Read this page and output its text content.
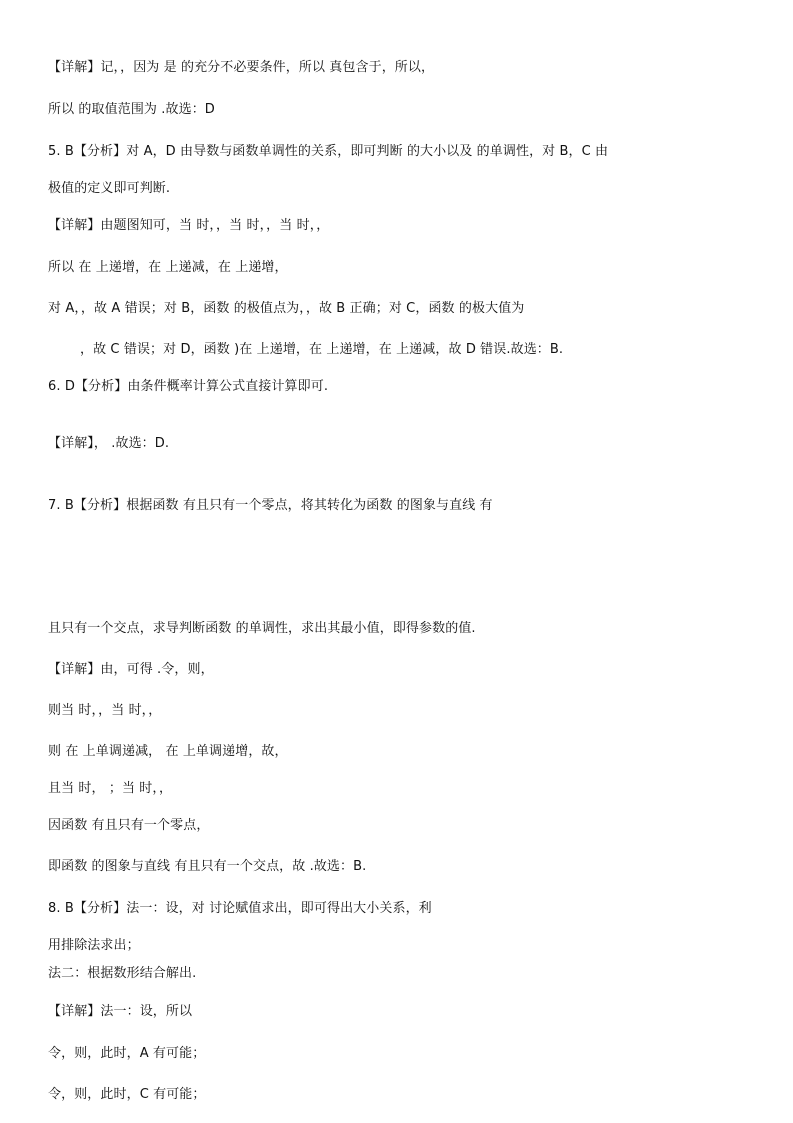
【详解】记，，因为 是 的充分不必要条件，所以 真包含于，所以，
所以 的取值范围为 .故选：D
5. B【分析】对 A，D 由导数与函数单调性的关系，即可判断 的大小以及 的单调性，对 B，C 由
极值的定义即可判断.
【详解】由题图知可，当 时，，当 时，，当 时，，
所以 在 上递增，在 上递减，在 上递增，
对 A，，故 A 错误；对 B，函数 的极值点为，，故 B 正确；对 C，函数 的极大值为
，故 C 错误；对 D，函数 )在 上递增，在 上递增，在 上递减，故 D 错误.故选：B.
6. D【分析】由条件概率计算公式直接计算即可.
【详解】， .故选：D.
7. B【分析】根据函数 有且只有一个零点，将其转化为函数 的图象与直线 有
且只有一个交点，求导判断函数 的单调性，求出其最小值，即得参数的值.
【详解】由，可得 .令，则，
则当 时，，当 时，，
则 在 上单调递减， 在 上单调递增，故，
且当 时， ；当 时，，
因函数 有且只有一个零点，
即函数 的图象与直线 有且只有一个交点，故 .故选：B.
8. B【分析】法一：设，对 讨论赋值求出，即可得出大小关系，利
用排除法求出；
法二：根据数形结合解出.
【详解】法一：设，所以
令，则，此时，A 有可能；
令，则，此时，C 有可能；
